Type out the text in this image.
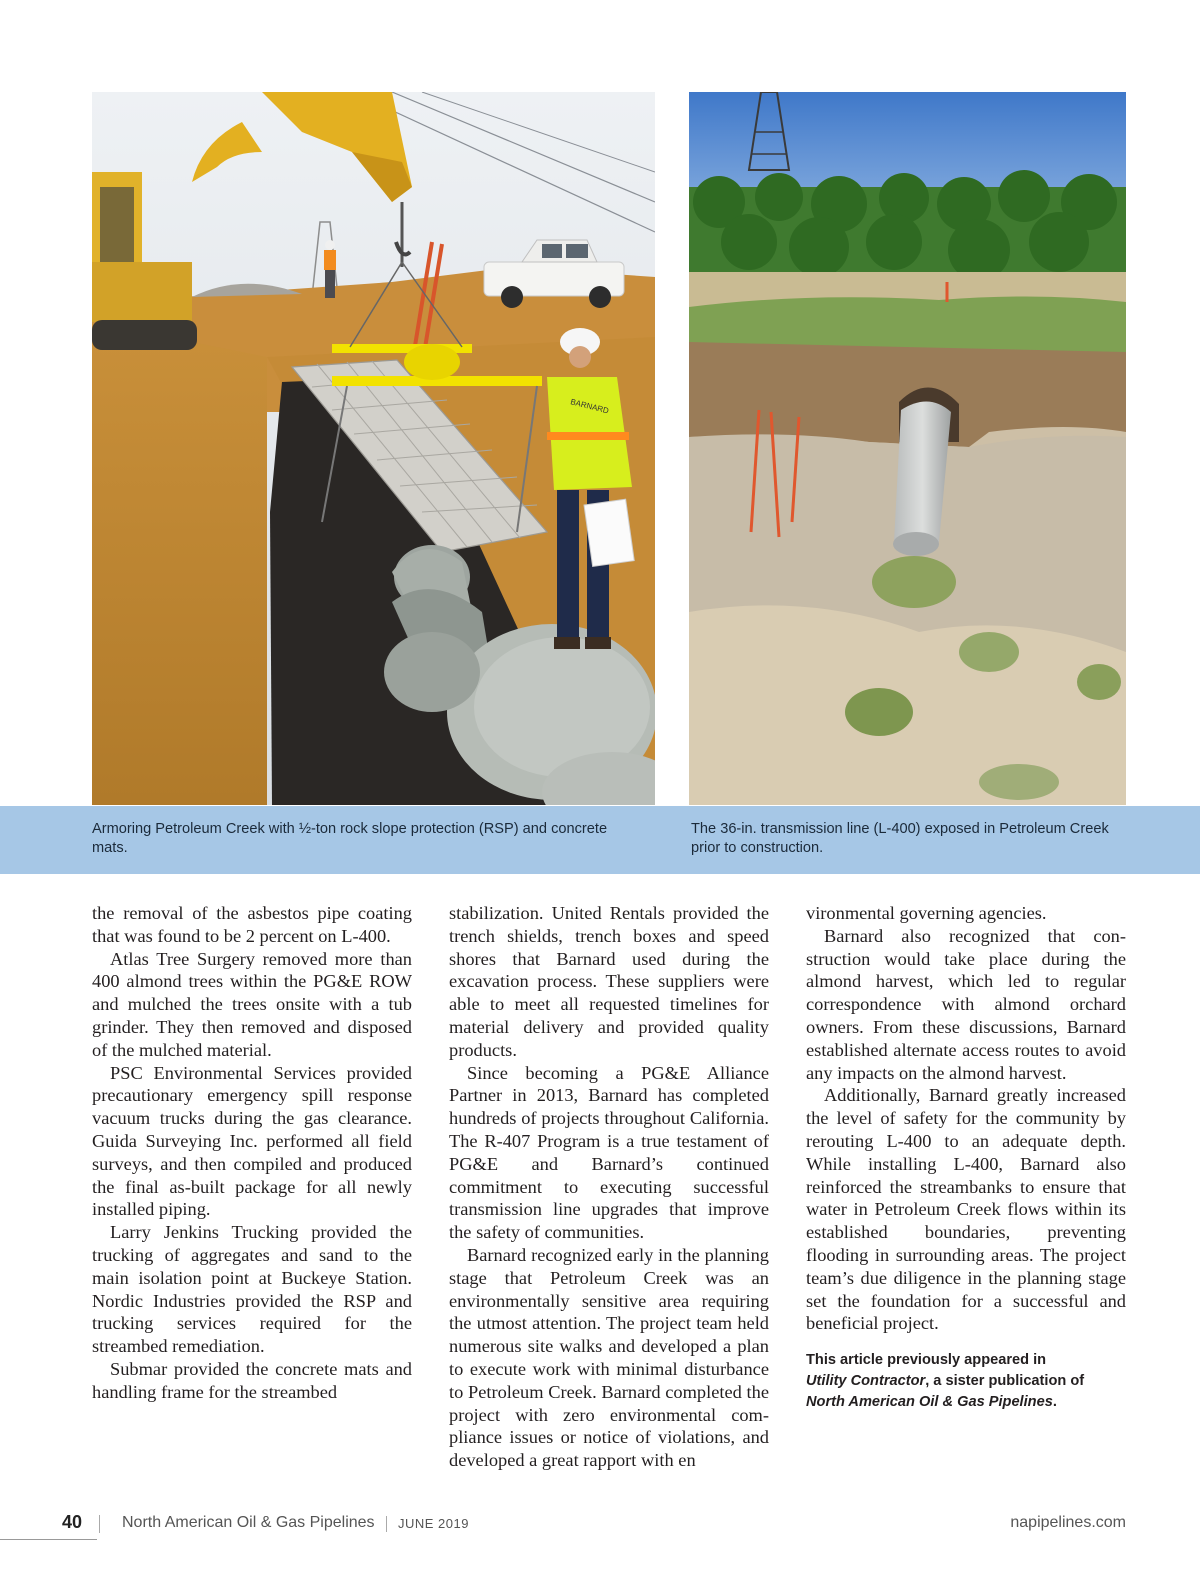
BARNARD
Armoring Petroleum Creek with ½-ton rock slope protection (RSP) and concrete mats.
The 36-in. transmission line (L-400) exposed in Petroleum Creek prior to construction.

the removal of the asbestos pipe coating that was found to be 2 percent on L-400.

Atlas Tree Surgery removed more than 400 almond trees within the PG&E ROW and mulched the trees onsite with a tub grinder. They then removed and disposed of the mulched material.

PSC Environmental Services provided precautionary emergency spill response vacuum trucks during the gas clearance. Guida Surveying Inc. performed all field surveys, and then compiled and produced the final as-built package for all newly installed piping.

Larry Jenkins Trucking provided the trucking of aggregates and sand to the main isolation point at Buckeye Station. Nordic Industries provided the RSP and trucking services required for the streambed remediation.

Submar provided the concrete mats and handling frame for the streambed

stabilization. United Rentals provided the trench shields, trench boxes and speed shores that Barnard used during the excavation process. These suppliers were able to meet all requested timelines for material delivery and provided quality products.

Since becoming a PG&E Alliance Partner in 2013, Barnard has completed hundreds of projects throughout California. The R-407 Program is a true testament of PG&E and Barnard’s continued commitment to executing successful transmission line upgrades that improve the safety of communities.

Barnard recognized early in the planning stage that Petroleum Creek was an environmentally sensitive area requiring the utmost attention. The project team held numerous site walks and developed a plan to execute work with minimal disturbance to Petroleum Creek. Barnard completed the project with zero environmental compliance issues or notice of violations, and developed a great rapport with en

vironmental governing agencies.

Barnard also recognized that construction would take place during the almond harvest, which led to regular correspondence with almond orchard owners. From these discussions, Barnard established alternate access routes to avoid any impacts on the almond harvest.

Additionally, Barnard greatly increased the level of safety for the community by rerouting L-400 to an adequate depth. While installing L-400, Barnard also reinforced the streambanks to ensure that water in Petroleum Creek flows within its established boundaries, preventing flooding in surrounding areas. The project team’s due diligence in the planning stage set the foundation for a successful and beneficial project.

This article previously appeared in
Utility Contractor, a sister publication of
North American Oil & Gas Pipelines.
40 North American Oil & Gas Pipelines JUNE 2019	napipelines.com
